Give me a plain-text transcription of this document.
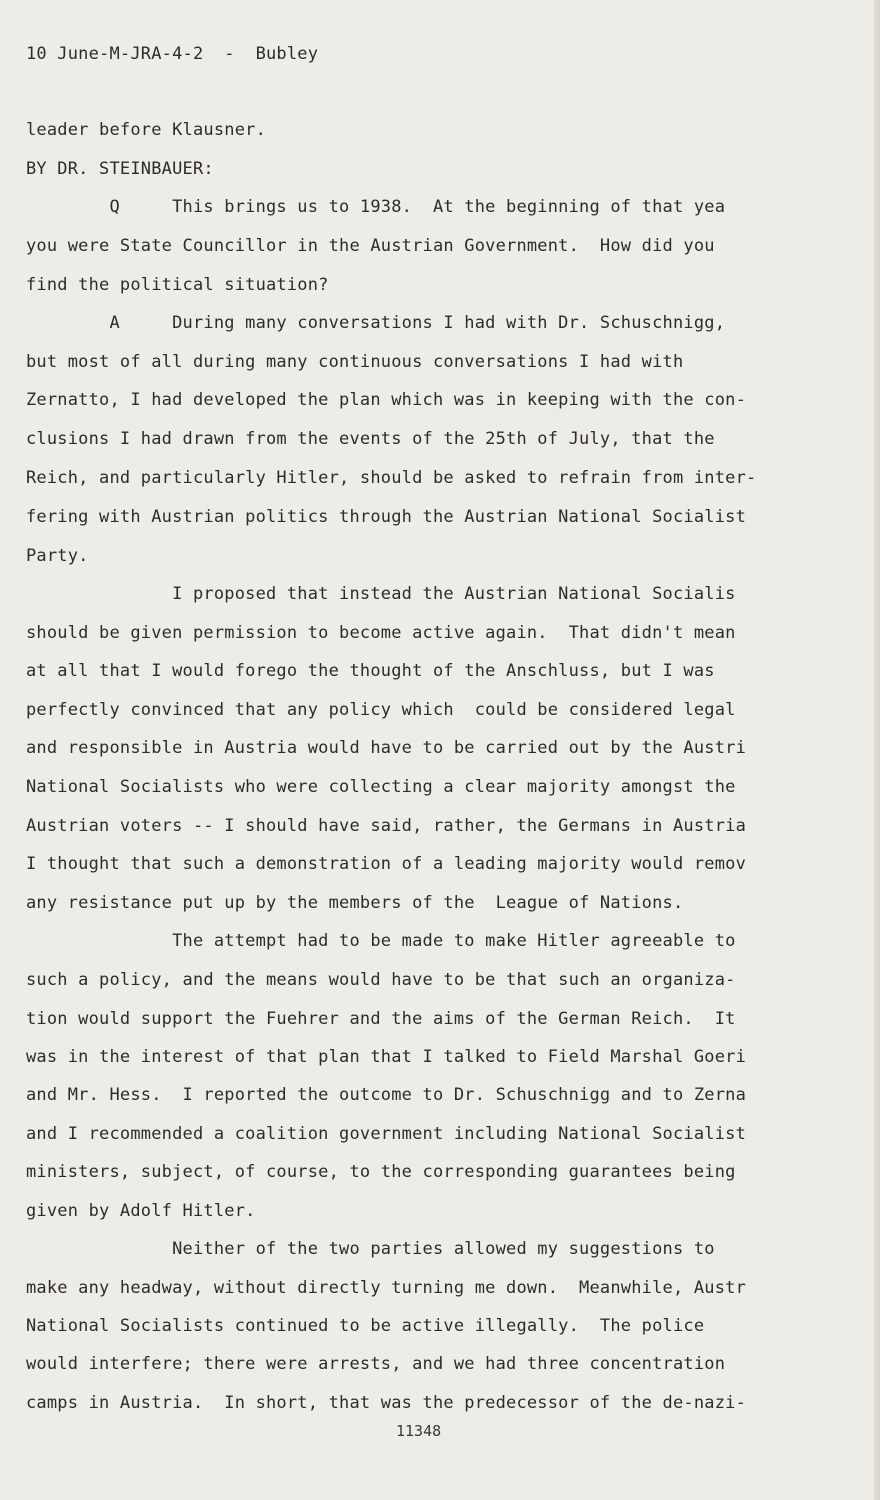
10 June-M-JRA-4-2  -  Bubley
leader before Klausner.
BY DR. STEINBAUER:
Q     This brings us to 1938.  At the beginning of that yea
you were State Councillor in the Austrian Government.  How did you
find the political situation?
A     During many conversations I had with Dr. Schuschnigg,
but most of all during many continuous conversations I had with
Zernatto, I had developed the plan which was in keeping with the con-
clusions I had drawn from the events of the 25th of July, that the
Reich, and particularly Hitler, should be asked to refrain from inter-
fering with Austrian politics through the Austrian National Socialist
Party.
I proposed that instead the Austrian National Socialis
should be given permission to become active again.  That didn't mean
at all that I would forego the thought of the Anschluss, but I was
perfectly convinced that any policy which  could be considered legal
and responsible in Austria would have to be carried out by the Austri
National Socialists who were collecting a clear majority amongst the
Austrian voters -- I should have said, rather, the Germans in Austria
I thought that such a demonstration of a leading majority would remov
any resistance put up by the members of the  League of Nations.
The attempt had to be made to make Hitler agreeable to
such a policy, and the means would have to be that such an organiza-
tion would support the Fuehrer and the aims of the German Reich.  It
was in the interest of that plan that I talked to Field Marshal Goeri
and Mr. Hess.  I reported the outcome to Dr. Schuschnigg and to Zerna
and I recommended a coalition government including National Socialist
ministers, subject, of course, to the corresponding guarantees being
given by Adolf Hitler.
Neither of the two parties allowed my suggestions to
make any headway, without directly turning me down.  Meanwhile, Austr
National Socialists continued to be active illegally.  The police
would interfere; there were arrests, and we had three concentration
camps in Austria.  In short, that was the predecessor of the de-nazi-
11348
